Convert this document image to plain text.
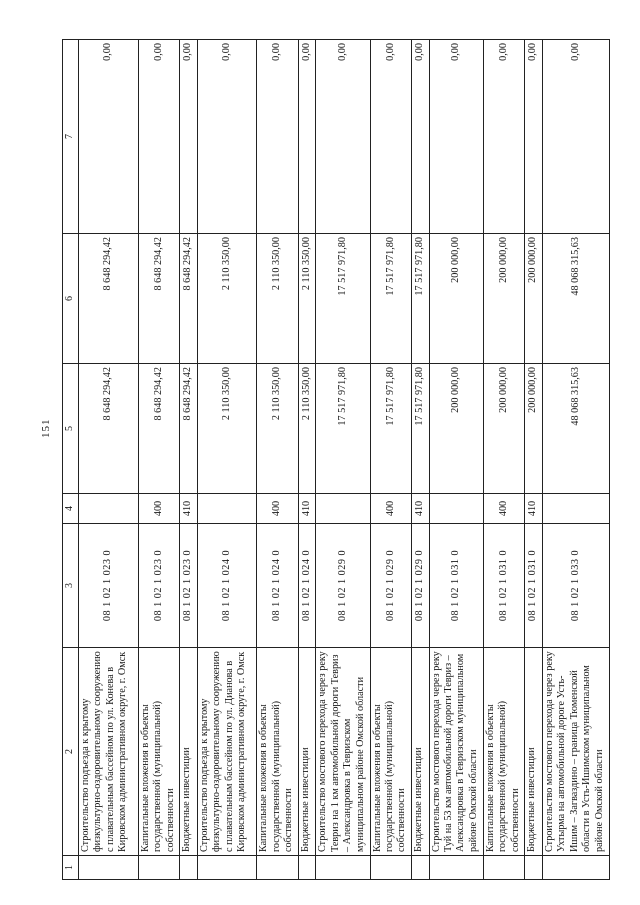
151
1	2	3	4	5	6	7
	Строительство подъезда к крытому физкультурно-оздоровительному сооружению с плавательным бассейном по ул. Конева в Кировском административном округе, г. Омск	08 1 02 1 023 0		8 648 294,42	8 648 294,42	0,00
	Капитальные вложения в объекты государственной (муниципальной) собственности	08 1 02 1 023 0	400	8 648 294,42	8 648 294,42	0,00
	Бюджетные инвестиции	08 1 02 1 023 0	410	8 648 294,42	8 648 294,42	0,00
	Строительство подъезда к крытому физкультурно-оздоровительному сооружению с плавательным бассейном по ул. Дианова в Кировском административном округе, г. Омск	08 1 02 1 024 0		2 110 350,00	2 110 350,00	0,00
	Капитальные вложения в объекты государственной (муниципальной) собственности	08 1 02 1 024 0	400	2 110 350,00	2 110 350,00	0,00
	Бюджетные инвестиции	08 1 02 1 024 0	410	2 110 350,00	2 110 350,00	0,00
	Строительство мостового перехода через реку Тевриз на 1 км автомобильной дороги Тевриз – Александровка в Тевризском муниципальном районе Омской области	08 1 02 1 029 0		17 517 971,80	17 517 971,80	0,00
	Капитальные вложения в объекты государственной (муниципальной) собственности	08 1 02 1 029 0	400	17 517 971,80	17 517 971,80	0,00
	Бюджетные инвестиции	08 1 02 1 029 0	410	17 517 971,80	17 517 971,80	0,00
	Строительство мостового перехода через реку Туй на 53 км автомобильной дороги Тевриз – Александровка в Тевризском муниципальном районе Омской области	08 1 02 1 031 0		200 000,00	200 000,00	0,00
	Капитальные вложения в объекты государственной (муниципальной) собственности	08 1 02 1 031 0	400	200 000,00	200 000,00	0,00
	Бюджетные инвестиции	08 1 02 1 031 0	410	200 000,00	200 000,00	0,00
	Строительство мостового перехода через реку Ухтырма на автомобильной дороге Усть-Ишим – Загваздино – граница Тюменской области в Усть-Ишимском муниципальном районе Омской области	08 1 02 1 033 0		48 068 315,63	48 068 315,63	0,00
